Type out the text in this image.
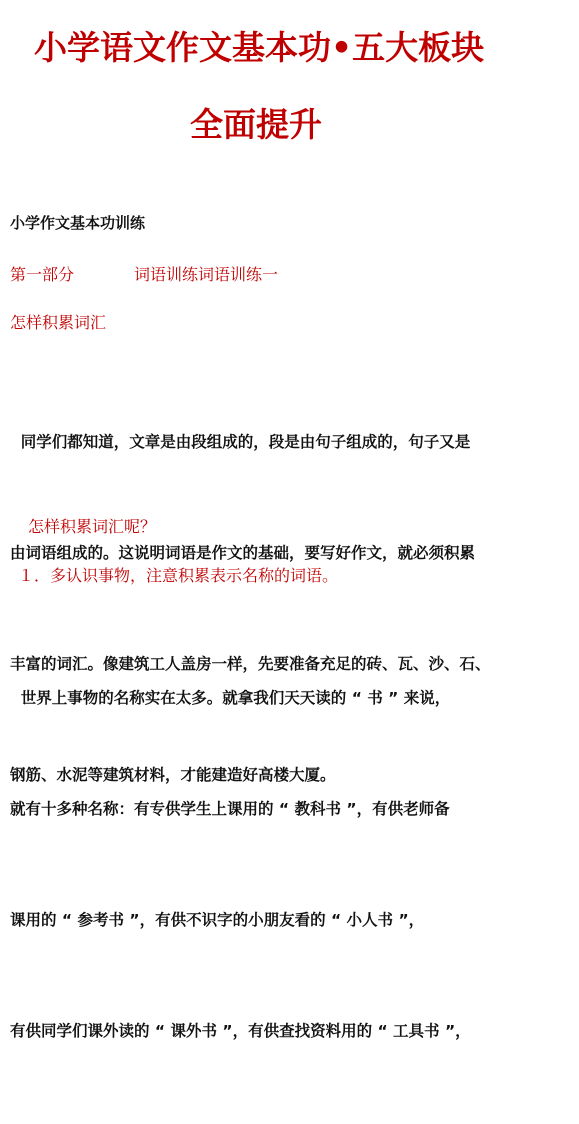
小学语文作文基本功•五大板块
全面提升
小学作文基本功训练
第一部分	词语训练词语训练一
怎样积累词汇

同学们都知道，文章是由段组成的，段是由句子组成的，句子又是

由词语组成的。这说明词语是作文的基础，要写好作文，就必须积累

丰富的词汇。像建筑工人盖房一样，先要准备充足的砖、瓦、沙、石、

钢筋、水泥等建筑材料，才能建造好高楼大厦。

怎样积累词汇呢？
１．多认识事物，注意积累表示名称的词语。

世界上事物的名称实在太多。就拿我们天天读的 “ 书 ” 来说，

就有十多种名称：有专供学生上课用的 “ 教科书 ”，有供老师备

课用的 “ 参考书 ”，有供不识字的小朋友看的 “ 小人书 ”，

有供同学们课外读的 “ 课外书 ”，有供查找资料用的 “ 工具书 ”，
